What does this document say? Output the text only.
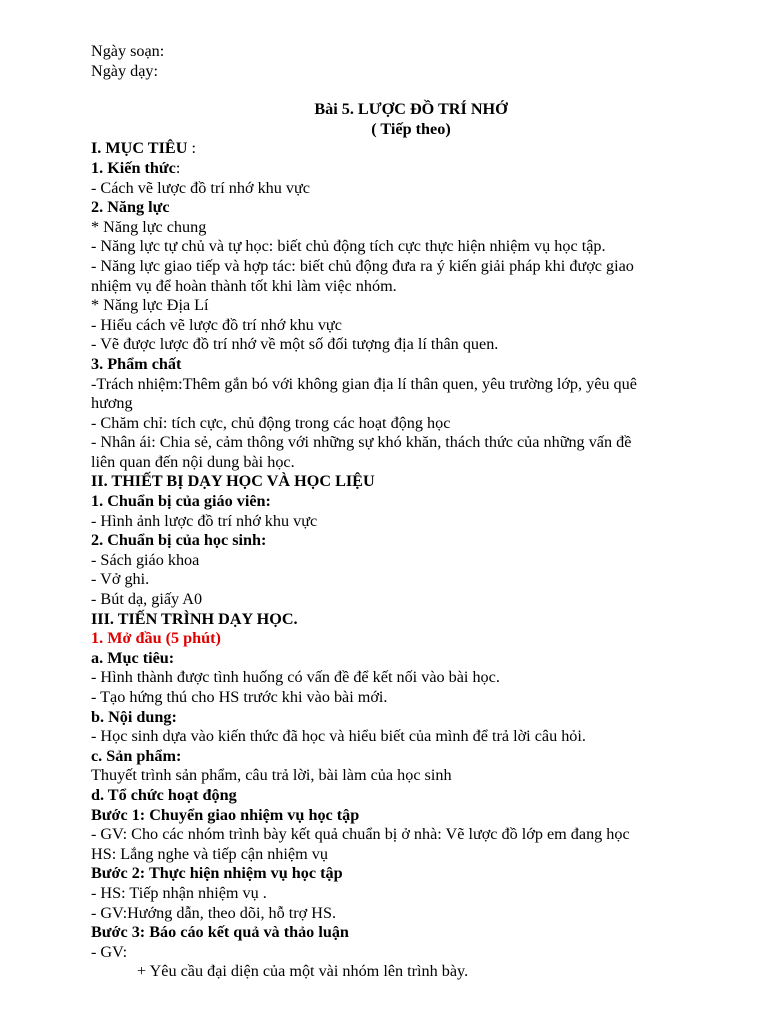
Ngày soạn:

Ngày dạy:

Bài 5. LƯỢC ĐỒ TRÍ NHỚ

( Tiếp theo)

I. MỤC TIÊU :

1. Kiến thức:

- Cách vẽ lược đồ trí nhớ khu vực

2. Năng lực

* Năng lực chung

- Năng lực tự chủ và tự học: biết chủ động tích cực thực hiện nhiệm vụ học tập.

- Năng lực giao tiếp và hợp tác: biết chủ động đưa ra ý kiến giải pháp khi được giao

nhiệm vụ để hoàn thành tốt khi làm việc nhóm.

* Năng lực Địa Lí

- Hiểu cách vẽ lược đồ trí nhớ khu vực

- Vẽ được lược đồ trí nhớ về một số đối tượng địa lí thân quen.

3. Phẩm chất

-Trách nhiệm:Thêm gắn bó với không gian địa lí thân quen, yêu trường lớp, yêu quê

hương

- Chăm chỉ: tích cực, chủ động trong các hoạt động học

- Nhân ái: Chia sẻ, cảm thông với những sự khó khăn, thách thức của những vấn đề

liên quan đến nội dung bài học.

II. THIẾT BỊ DẠY HỌC VÀ HỌC LIỆU

1. Chuẩn bị của giáo viên:

- Hình ảnh lược đồ trí nhớ khu vực

2. Chuẩn bị của học sinh:

- Sách giáo khoa

- Vở ghi.

- Bút dạ, giấy A0

III. TIẾN TRÌNH DẠY HỌC.

1. Mở đầu (5 phút)

a. Mục tiêu:

- Hình thành được tình huống có vấn đề để kết nối vào bài học.

- Tạo hứng thú cho HS trước khi vào bài mới.

b. Nội dung:

- Học sinh dựa vào kiến thức đã học và hiểu biết của mình để trả lời câu hỏi.

c. Sản phẩm:

Thuyết trình sản phẩm, câu trả lời, bài làm của học sinh

d. Tổ chức hoạt động

Bước 1: Chuyển giao nhiệm vụ học tập

- GV: Cho các nhóm trình bày kết quả chuẩn bị ở nhà: Vẽ lược đồ lớp em đang học

HS: Lắng nghe và tiếp cận nhiệm vụ

Bước 2: Thực hiện nhiệm vụ học tập

- HS: Tiếp nhận nhiệm vụ .

- GV:Hướng dẫn, theo dõi, hỗ trợ HS.

Bước 3: Báo cáo kết quả và thảo luận

- GV:

+ Yêu cầu đại diện của một vài nhóm lên trình bày.
